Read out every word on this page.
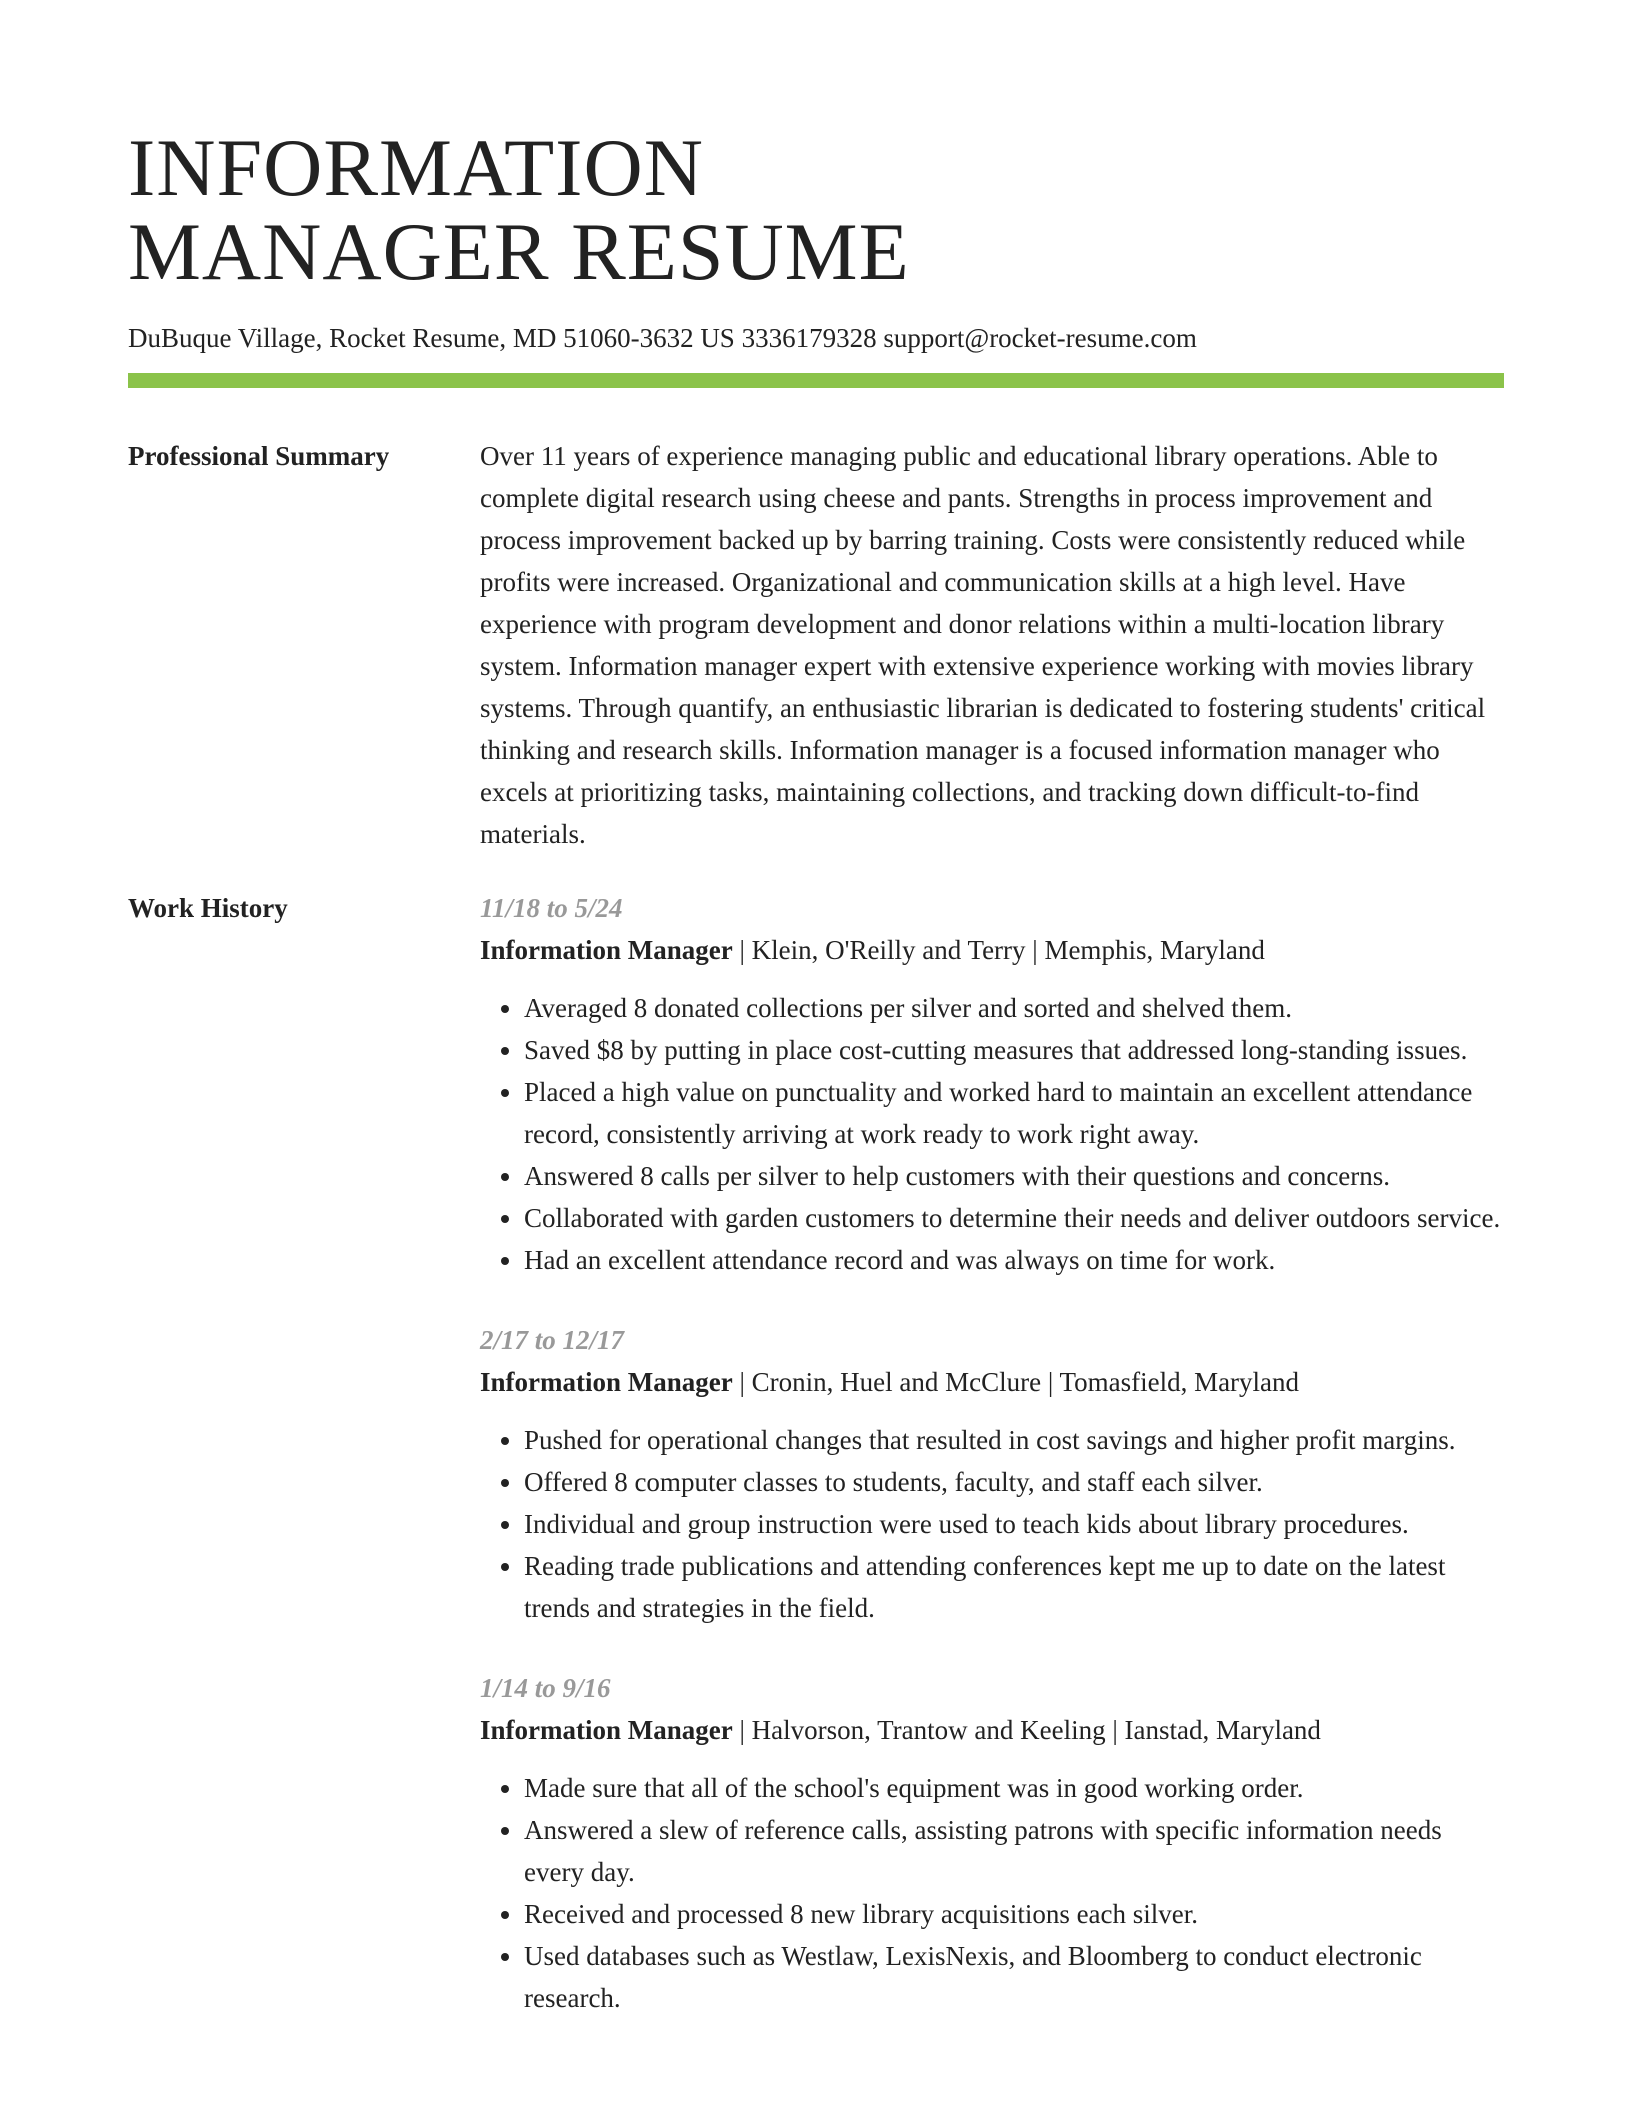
INFORMATION
MANAGER RESUME
DuBuque Village, Rocket Resume, MD 51060-3632 US 3336179328 support@rocket-resume.com
Professional Summary	Over 11 years of experience managing public and educational library operations. Able to complete digital research using cheese and pants. Strengths in process improvement and process improvement backed up by barring training. Costs were consistently reduced while profits were increased. Organizational and communication skills at a high level. Have experience with program development and donor relations within a multi-location library system. Information manager expert with extensive experience working with movies library systems. Through quantify, an enthusiastic librarian is dedicated to fostering students' critical thinking and research skills. Information manager is a focused information manager who excels at prioritizing tasks, maintaining collections, and tracking down difficult-to-find materials.
Work History	11/18 to 5/24
Information Manager | Klein, O'Reilly and Terry | Memphis, Maryland
• Averaged 8 donated collections per silver and sorted and shelved them.
• Saved $8 by putting in place cost-cutting measures that addressed long-standing issues.
• Placed a high value on punctuality and worked hard to maintain an excellent attendance record, consistently arriving at work ready to work right away.
• Answered 8 calls per silver to help customers with their questions and concerns.
• Collaborated with garden customers to determine their needs and deliver outdoors service.
• Had an excellent attendance record and was always on time for work.
2/17 to 12/17
Information Manager | Cronin, Huel and McClure | Tomasfield, Maryland
• Pushed for operational changes that resulted in cost savings and higher profit margins.
• Offered 8 computer classes to students, faculty, and staff each silver.
• Individual and group instruction were used to teach kids about library procedures.
• Reading trade publications and attending conferences kept me up to date on the latest trends and strategies in the field.
1/14 to 9/16
Information Manager | Halvorson, Trantow and Keeling | Ianstad, Maryland
• Made sure that all of the school's equipment was in good working order.
• Answered a slew of reference calls, assisting patrons with specific information needs every day.
• Received and processed 8 new library acquisitions each silver.
• Used databases such as Westlaw, LexisNexis, and Bloomberg to conduct electronic research.
